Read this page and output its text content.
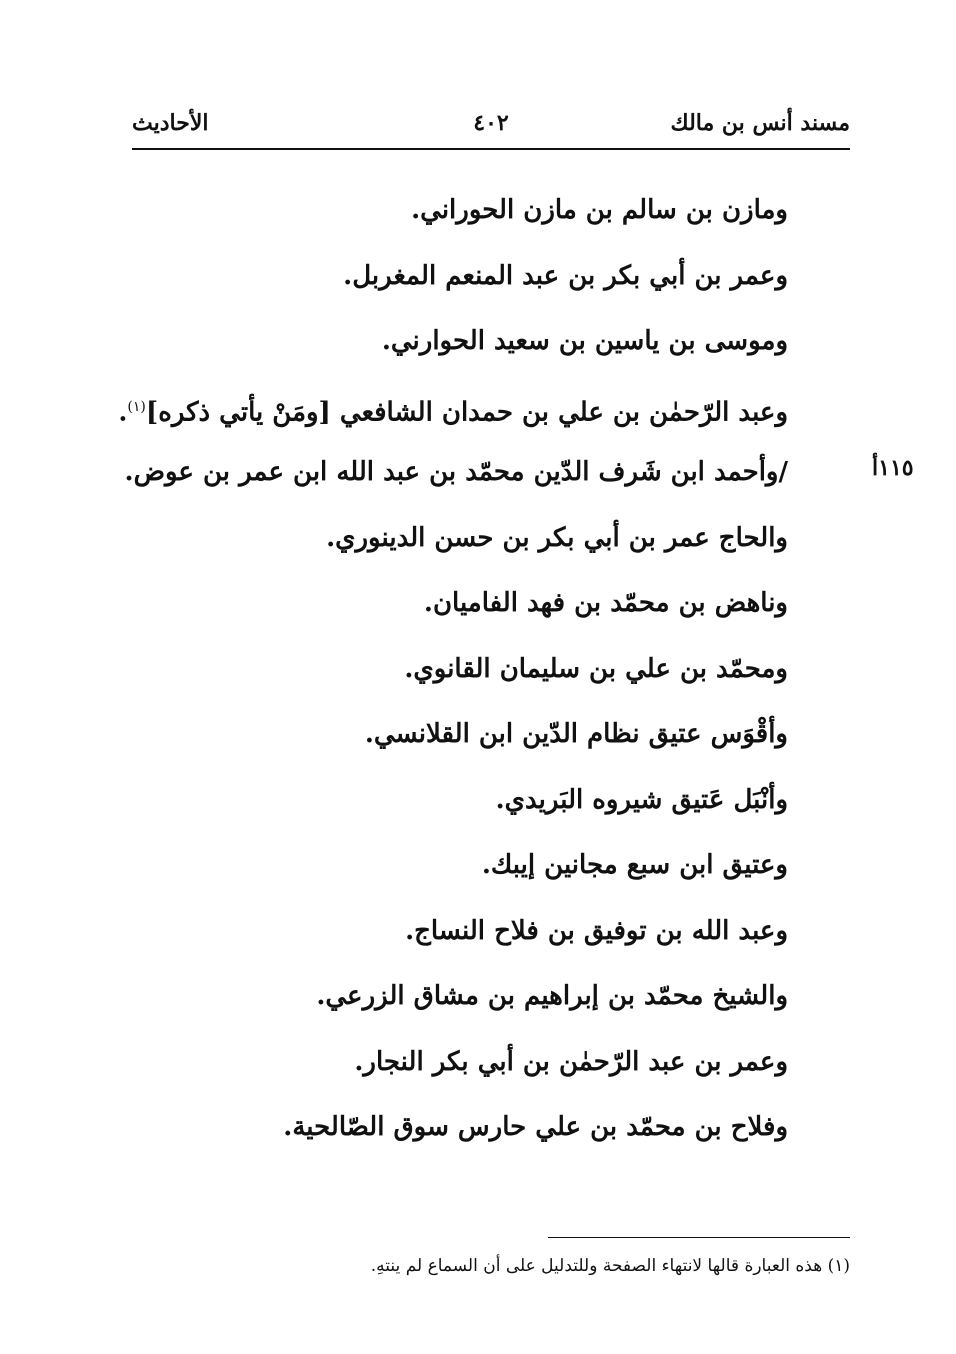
مسند أنس بن مالك
٤٠٢
الأحاديث
١١٥أ
ومازن بن سالم بن مازن الحوراني.
وعمر بن أبي بكر بن عبد المنعم المغربل.
وموسى بن ياسين بن سعيد الحوارني.
وعبد الرّحمٰن بن علي بن حمدان الشافعي [ومَنْ يأتي ذكره]$^{(١)}$.
/وأحمد ابن شَرف الدّين محمّد بن عبد الله ابن عمر بن عوض.
والحاج عمر بن أبي بكر بن حسن الدينوري.
وناهض بن محمّد بن فهد الفاميان.
ومحمّد بن علي بن سليمان القانوي.
وأقْوَس عتيق نظام الدّين ابن القلانسي.
وأنْبَل عَتيق شيروه البَريدي.
وعتيق ابن سبع مجانين إيبك.
وعبد الله بن توفيق بن فلاح النساج.
والشيخ محمّد بن إبراهيم بن مشاق الزرعي.
وعمر بن عبد الرّحمٰن بن أبي بكر النجار.
وفلاح بن محمّد بن علي حارس سوق الصّالحية.
(١) هذه العبارة قالها لانتهاء الصفحة وللتدليل على أن السماع لم ينتهِ.
